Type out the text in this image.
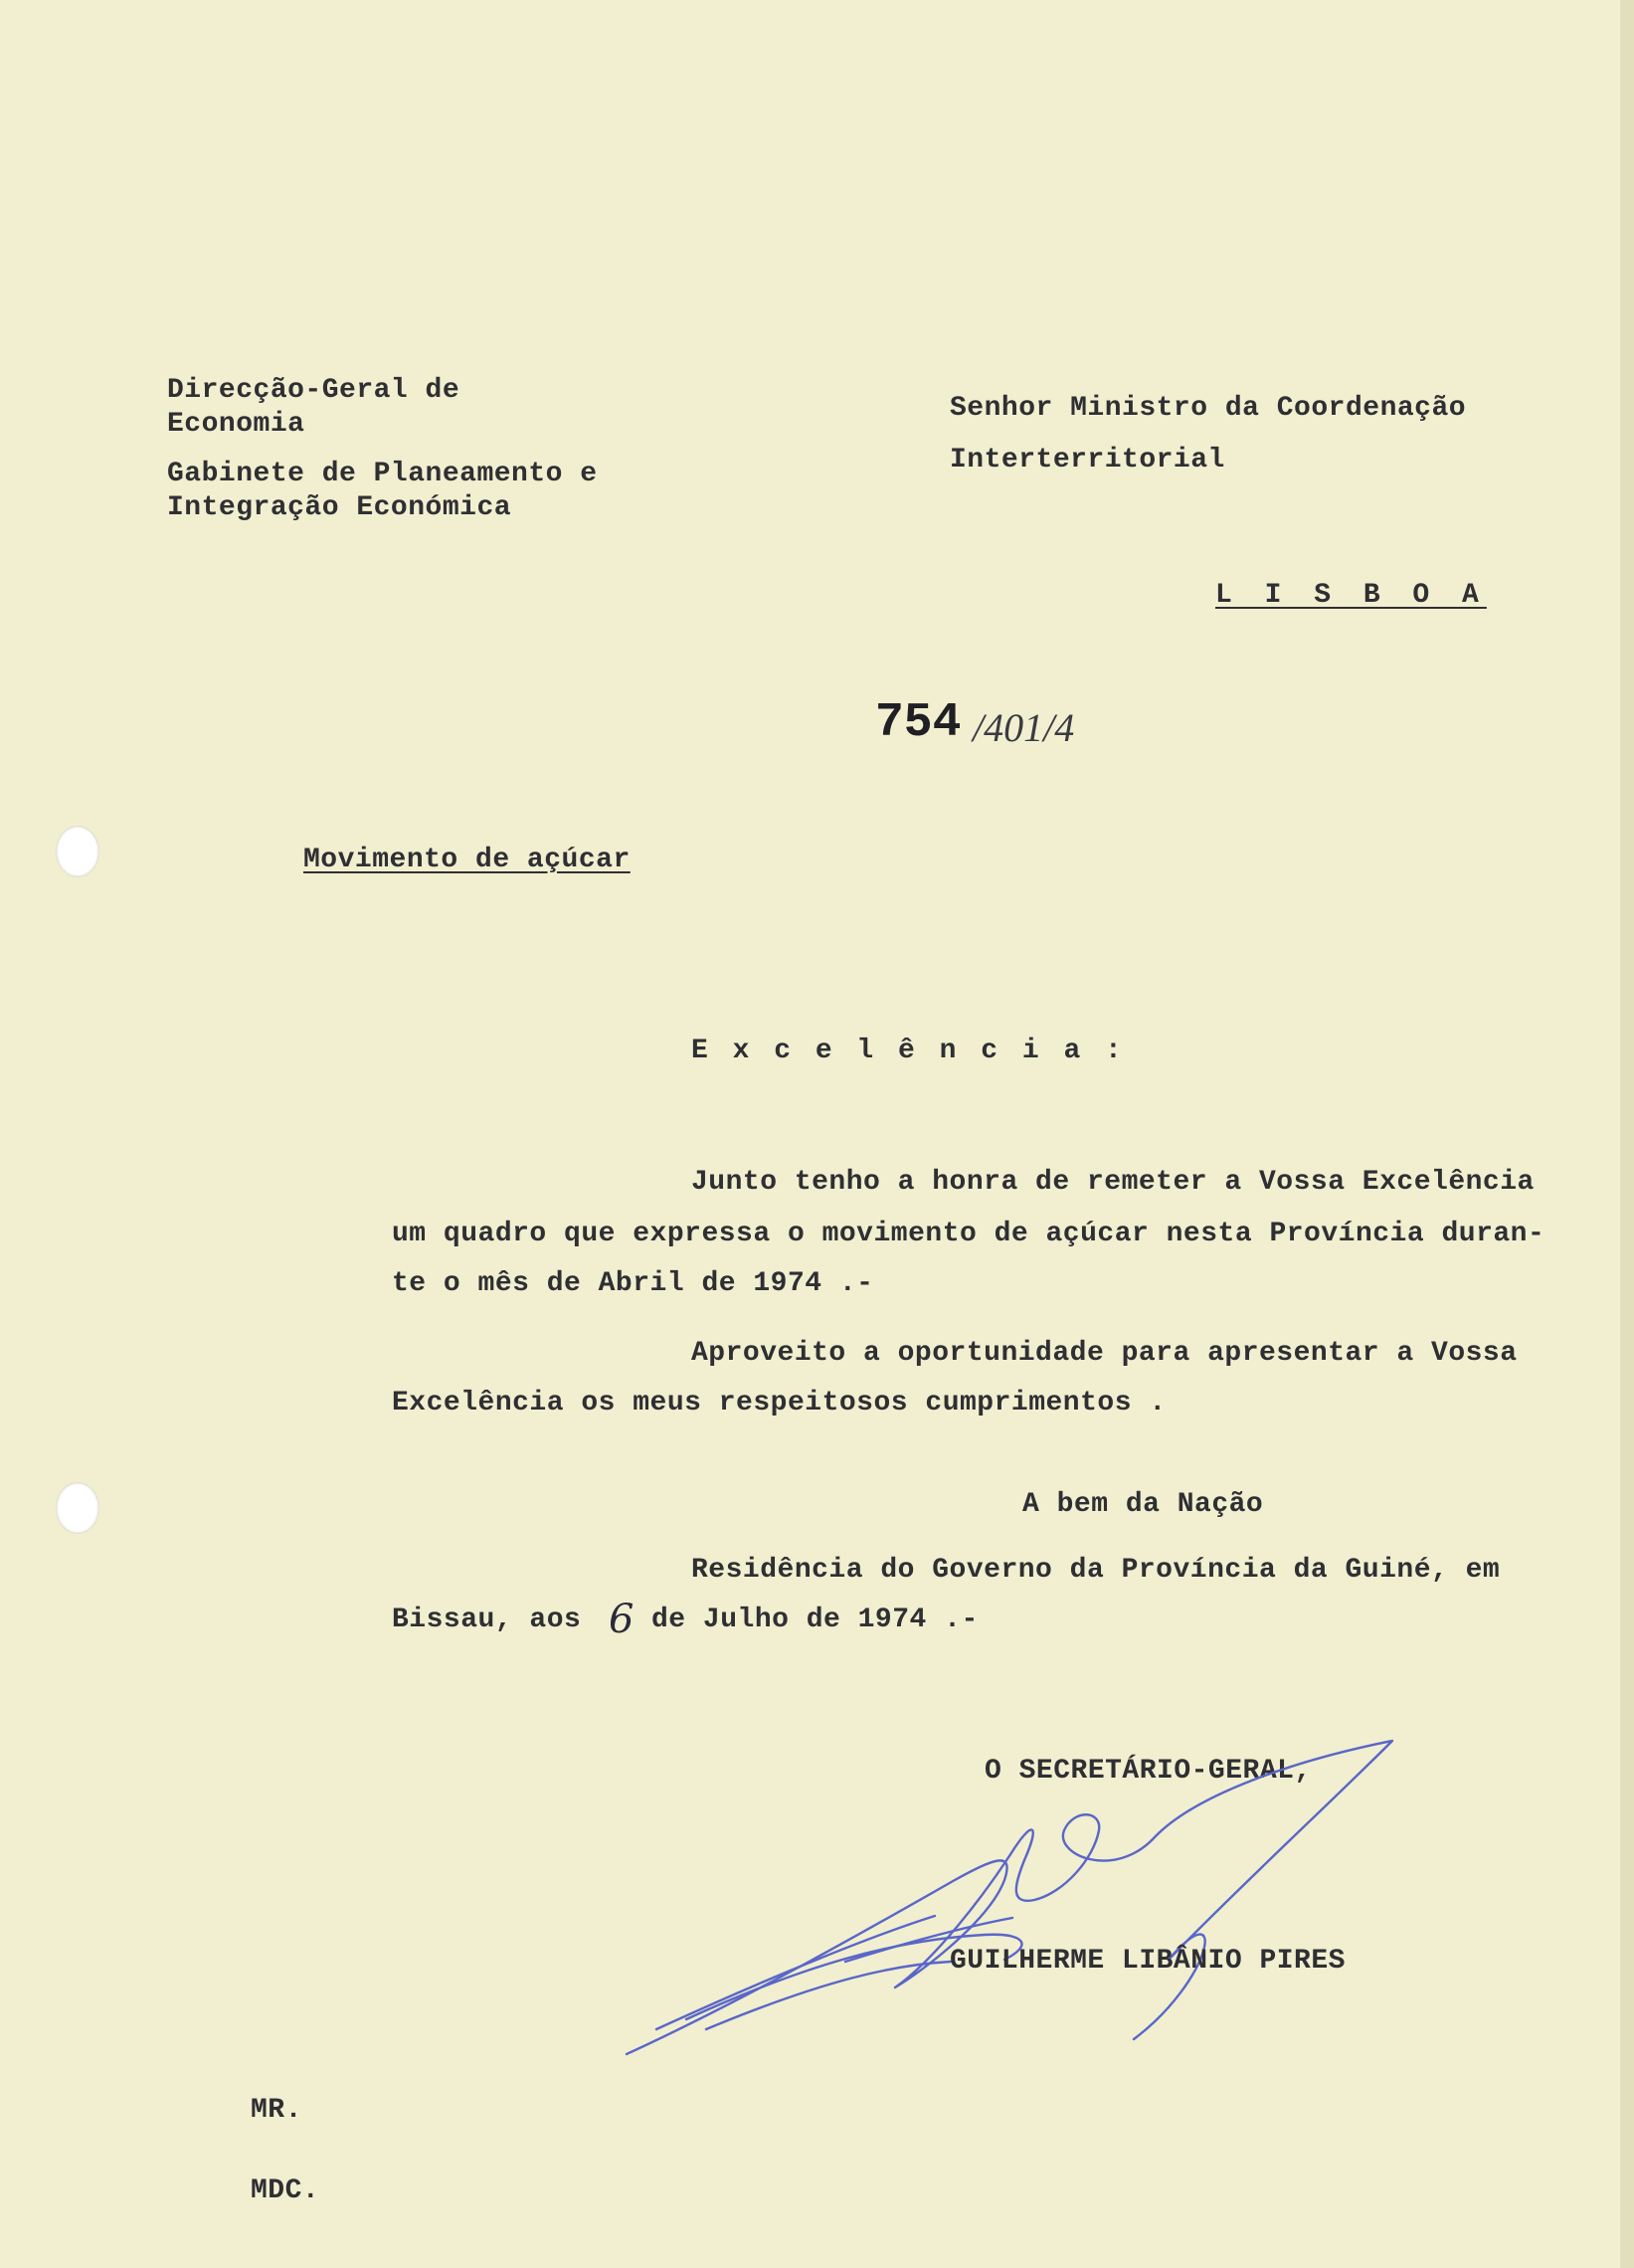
Direcção-Geral de
Economia
Gabinete de Planeamento e
Integração Económica
Senhor Ministro da Coordenação
Interterritorial
L I S B O A
754 /401/4
Movimento de açúcar
E x c e l ê n c i a :
Junto tenho a honra de remeter a Vossa Excelência
um quadro que expressa o movimento de açúcar nesta Província duran-
te o mês de Abril de 1974 .-
Aproveito a oportunidade para apresentar a Vossa
Excelência os meus respeitosos cumprimentos .
A bem da Nação
Residência do Governo da Província da Guiné, em
Bissau, aos 6 de Julho de 1974 .-
O SECRETÁRIO-GERAL,
GUILHERME LIBÂNIO PIRES
MR.
MDC.
